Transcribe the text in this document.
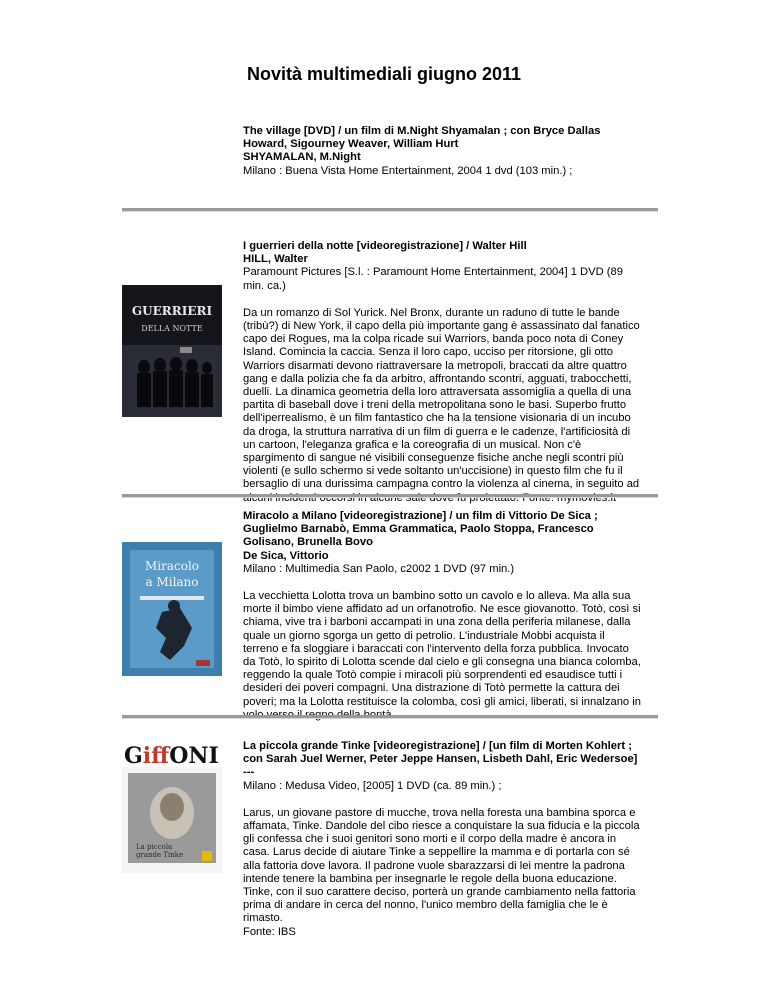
Novità multimediali giugno 2011

The village [DVD] / un film di M.Night Shyamalan ; con Bryce Dallas Howard, Sigourney Weaver, William Hurt

SHYAMALAN, M.Night

Milano : Buena Vista Home Entertainment, 2004 1 dvd (103 min.) ;

GUERRIERI
DELLA NOTTE

I guerrieri della notte [videoregistrazione] / Walter Hill

HILL, Walter

Paramount Pictures [S.l. : Paramount Home Entertainment, 2004] 1 DVD (89 min. ca.)

Da un romanzo di Sol Yurick. Nel Bronx, durante un raduno di tutte le bande (tribù?) di New York, il capo della più importante gang è assassinato dal fanatico capo dei Rogues, ma la colpa ricade sui Warriors, banda poco nota di Coney Island. Comincia la caccia. Senza il loro capo, ucciso per ritorsione, gli otto Warriors disarmati devono riattraversare la metropoli, braccati da altre quattro gang e dalla polizia che fa da arbitro, affrontando scontri, agguati, trabocchetti, duelli. La dinamica geometria della loro attraversata assomiglia a quella di una partita di baseball dove i treni della metropolitana sono le basi. Superbo frutto dell'iperrealismo, è un film fantastico che ha la tensione visionaria di un incubo da droga, la struttura narrativa di un film di guerra e le cadenze, l'artificiosità di un cartoon, l'eleganza grafica e la coreografia di un musical. Non c'è spargimento di sangue né visibili conseguenze fisiche anche negli scontri più violenti (e sullo schermo si vede soltanto un'uccisione) in questo film che fu il bersaglio di una durissima campagna contro la violenza al cinema, in seguito ad

Miracolo
a Milano

Miracolo a Milano [videoregistrazione] / un film di Vittorio De Sica ; Guglielmo Barnabò, Emma Grammatica, Paolo Stoppa, Francesco Golisano, Brunella Bovo

De Sica, Vittorio

Milano : Multimedia San Paolo, c2002 1 DVD (97 min.)

La vecchietta Lolotta trova un bambino sotto un cavolo e lo alleva. Ma alla sua morte il bimbo viene affidato ad un orfanotrofio. Ne esce giovanotto. Totò, così si chiama, vive tra i barboni accampati in una zona della periferia milanese, dalla quale un giorno sgorga un getto di petrolio. L'industriale Mobbi acquista il terreno e fa sloggiare i baraccati con l'intervento della forza pubblica. Invocato da Totò, lo spirito di Lolotta scende dal cielo e gli consegna una bianca colomba, reggendo la quale Totò compie i miracoli più sorprendenti ed esaudisce tutti i desideri dei poveri compagni. Una distrazione di Totò permette la cattura dei poveri; ma la Lolotta restituisce la colomba, così gli amici, liberati, si innalzano in

GiffONI
La piccola
grande Tinke

La piccola grande Tinke [videoregistrazione] / [un film di Morten Kohlert ; con Sarah Juel Werner, Peter Jeppe Hansen, Lisbeth Dahl, Eric Wedersoe]

---

Milano : Medusa Video, [2005] 1 DVD (ca. 89 min.) ;

Larus, un giovane pastore di mucche, trova nella foresta una bambina sporca e affamata, Tinke. Dandole del cibo riesce a conquistare la sua fiducia e la piccola gli confessa che i suoi genitori sono morti e il corpo della madre è ancora in casa. Larus decide di aiutare Tinke a seppellire la mamma e di portarla con sé alla fattoria dove lavora. Il padrone vuole sbarazzarsi di lei mentre la padrona intende tenere la bambina per insegnarle le regole della buona educazione. Tinke, con il suo carattere deciso, porterà un grande cambiamento nella fattoria prima di andare in cerca del nonno, l'unico membro della famiglia che le è rimasto.

Fonte: IBS
